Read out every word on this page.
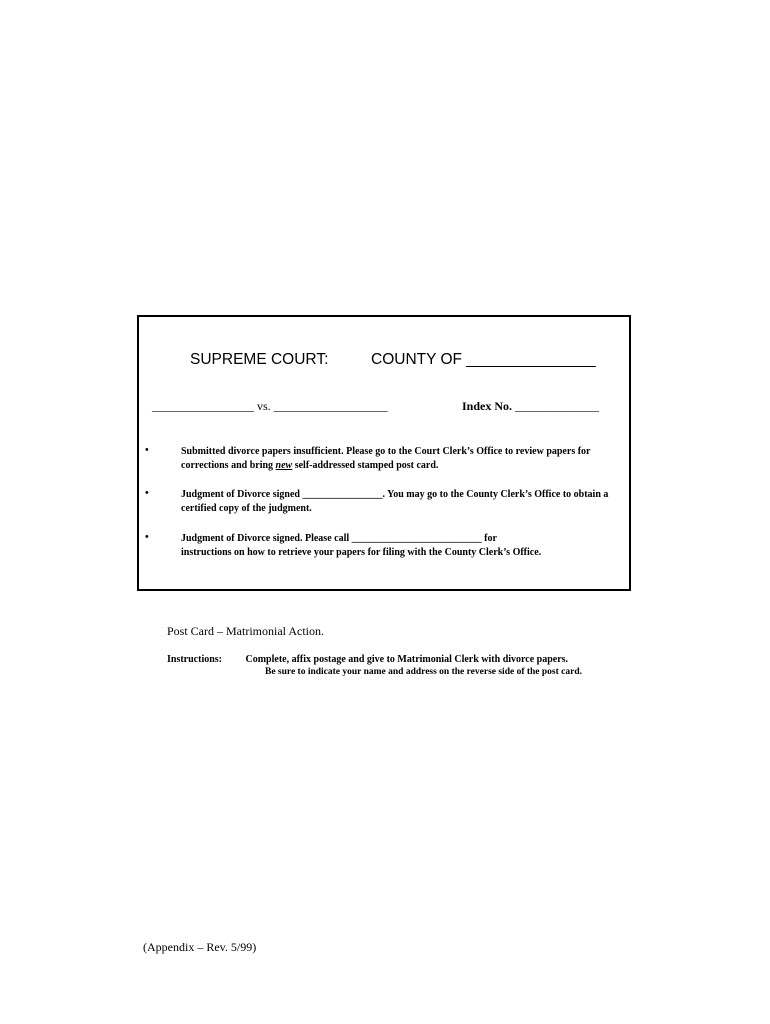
SUPREME COURT:	COUNTY OF _______________
_________________ vs. ___________________	Index No. ______________
•	Submitted divorce papers insufficient. Please go to the Court Clerk’s Office to review papers for corrections and bring new self-addressed stamped post card.
•	Judgment of Divorce signed ________________. You may go to the County Clerk’s Office to obtain a certified copy of the judgment.
•	Judgment of Divorce signed. Please call __________________________ for
instructions on how to retrieve your papers for filing with the County Clerk’s Office.
Post Card – Matrimonial Action.
Instructions: Complete, affix postage and give to Matrimonial Clerk with divorce papers.
Be sure to indicate your name and address on the reverse side of the post card.
(Appendix – Rev. 5/99)
